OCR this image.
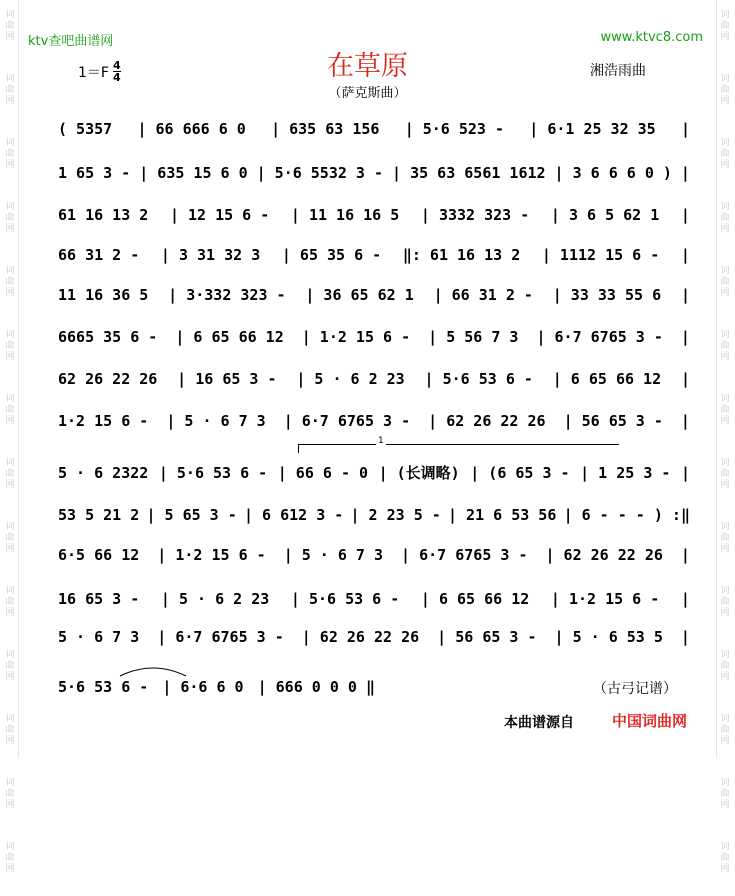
词曲网
词曲网
词曲网
词曲网
词曲网
词曲网
词曲网
词曲网
词曲网
词曲网
词曲网
词曲网
词曲网
词曲网
词曲网
词曲网
词曲网
词曲网
词曲网
词曲网
词曲网
词曲网
词曲网
词曲网
词曲网
词曲网
词曲网
词曲网
ktv查吧曲谱网	www.ktvc8.com
$1=F \frac{4}{4}$	在草原
（萨克斯曲）
湘浩雨曲
( 5357 | 66 666 6 0 | 635 63 156 | 5·6 523 - | 6·1 25 32 35 |
1 65 3 - | 635 15 6 0 | 5·6 5532 3 - | 35 63 6561 1612 | 3 6 6 6 0 ) |
61 16 13 2 | 12 15 6 - | 11 16 16 5 | 3332 323 - | 3 6 5 62 1 |
66 31 2 - | 3 31 32 3 | 65 35 6 - ‖: 61 16 13 2 | 1112 15 6 - |
11 16 36 5 | 3·332 323 - | 36 65 62 1 | 66 31 2 - | 33 33 55 6 |
6665 35 6 - | 6 65 66 12 | 1·2 15 6 - | 5 56 7 3 | 6·7 6765 3 - |
62 26 22 26 | 16 65 3 - | 5 · 6 2 23 | 5·6 53 6 - | 6 65 66 12 |
1·2 15 6 - | 5 · 6 7 3 | 6·7 6765 3 - | 62 26 22 26 | 56 65 3 - |
5 · 6 2322 | 5·6 53 6 - | 66 6 - 0 | (长调略) | (6 65 3 - | 1 25 3 - |
53 5 21 2 | 5 65 3 - | 6 612 3 - | 2 23 5 - | 21 6 53 56 | 6 - - - ) :‖
6·5 66 12 | 1·2 15 6 - | 5 · 6 7 3 | 6·7 6765 3 - | 62 26 22 26 |
16 65 3 - | 5 · 6 2 23 | 5·6 53 6 - | 6 65 66 12 | 1·2 15 6 - |
5 · 6 7 3 | 6·7 6765 3 - | 62 26 22 26 | 56 65 3 - | 5 · 6 53 5 |
5·6 53 6 - | 6·6 6 0 | 666 0 0 0 ‖
1
（古弓记谱）
本曲谱源自	中国词曲网
